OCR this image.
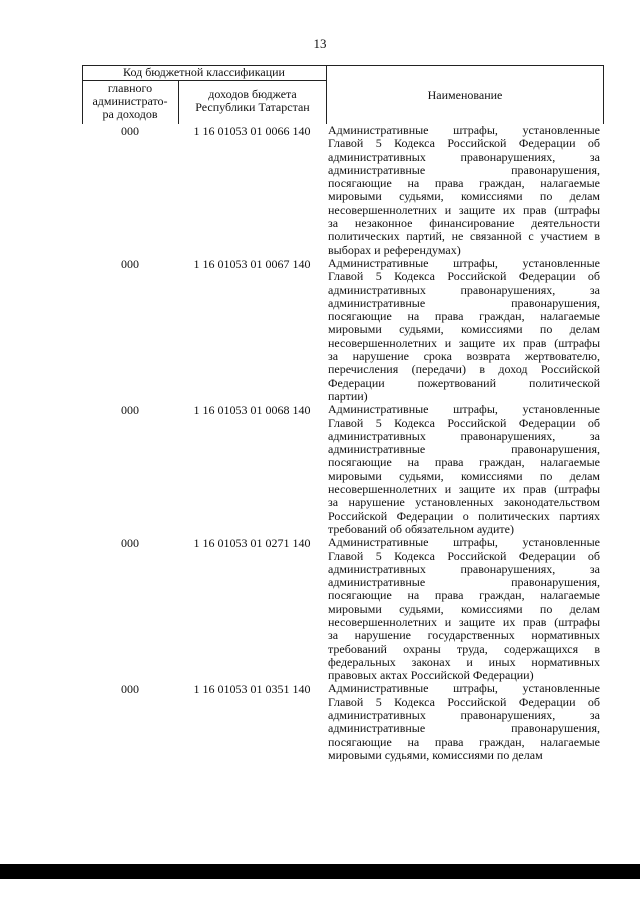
13
Код бюджетной классификации
главного
администрато-
ра доходов
доходов бюджета
Республики Татарстан
Наименование
000	1 16 01053 01 0066 140	Административные штрафы, установленные
Главой 5 Кодекса Российской Федерации об
административных правонарушениях, за
административные правонарушения,
посягающие на права граждан, налагаемые
мировыми судьями, комиссиями по делам
несовершеннолетних и защите их прав (штрафы
за незаконное финансирование деятельности
политических партий, не связанной с участием в
выборах и референдумах)
000	1 16 01053 01 0067 140	Административные штрафы, установленные
Главой 5 Кодекса Российской Федерации об
административных правонарушениях, за
административные правонарушения,
посягающие на права граждан, налагаемые
мировыми судьями, комиссиями по делам
несовершеннолетних и защите их прав (штрафы
за нарушение срока возврата жертвователю,
перечисления (передачи) в доход Российской
Федерации пожертвований политической
партии)
000	1 16 01053 01 0068 140	Административные штрафы, установленные
Главой 5 Кодекса Российской Федерации об
административных правонарушениях, за
административные правонарушения,
посягающие на права граждан, налагаемые
мировыми судьями, комиссиями по делам
несовершеннолетних и защите их прав (штрафы
за нарушение установленных законодательством
Российской Федерации о политических партиях
требований об обязательном аудите)
000	1 16 01053 01 0271 140	Административные штрафы, установленные
Главой 5 Кодекса Российской Федерации об
административных правонарушениях, за
административные правонарушения,
посягающие на права граждан, налагаемые
мировыми судьями, комиссиями по делам
несовершеннолетних и защите их прав (штрафы
за нарушение государственных нормативных
требований охраны труда, содержащихся в
федеральных законах и иных нормативных
правовых актах Российской Федерации)
000	1 16 01053 01 0351 140	Административные штрафы, установленные
Главой 5 Кодекса Российской Федерации об
административных правонарушениях, за
административные правонарушения,
посягающие на права граждан, налагаемые
мировыми судьями, комиссиями по делам
